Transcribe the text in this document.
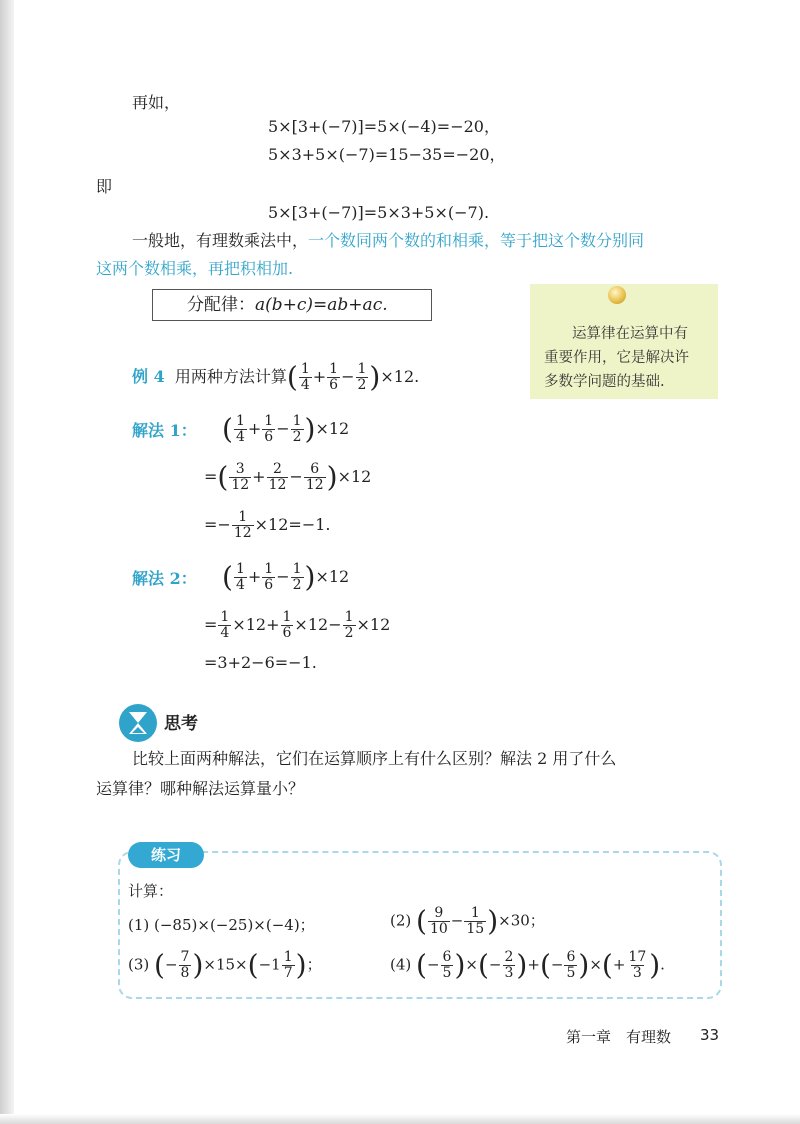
再如，
5×[3+(−7)]=5×(−4)=−20，
5×3+5×(−7)=15−35=−20，
即
5×[3+(−7)]=5×3+5×(−7).
一般地，有理数乘法中，一个数同两个数的和相乘，等于把这个数分别同
这两个数相乘，再把积相加.
分配律：a(b+c)=ab+ac.
运算律在运算中有
重要作用，它是解决许
多数学问题的基础.
例 4 用两种方法计算( $\frac{1}{4} + \frac{1}{6} - \frac{1}{2} )\times 12$.
解法 1： ( $\frac{1}{4} + \frac{1}{6} - \frac{1}{2} )\times 12$
=( $\frac{3}{12} + \frac{2}{12} - \frac{6}{12} )\times 12$
=− $\frac{1}{12} \times 12=-1$.
解法 2： ( $\frac{1}{4} + \frac{1}{6} - \frac{1}{2} )\times 12$
= $\frac{1}{4} \times 12+ \frac{1}{6} \times 12- \frac{1}{2} \times 12$
=3+2−6=−1.
思考
比较上面两种解法，它们在运算顺序上有什么区别？解法 2 用了什么
运算律？哪种解法运算量小？
练习
计算：
(1) (−85)×(−25)×(−4)；	(2) ( $\frac{9}{10} - \frac{1}{15} )\times 30$；
(3) (− $\frac{7}{8} )\times 15\times(-1 \frac{1}{7}$ )；	(4) (− $\frac{6}{5}$ )×(− $\frac{2}{3}$ )+(− $\frac{6}{5}$ )×(+ $\frac{17}{3}$ ).
第一章　有理数 33
